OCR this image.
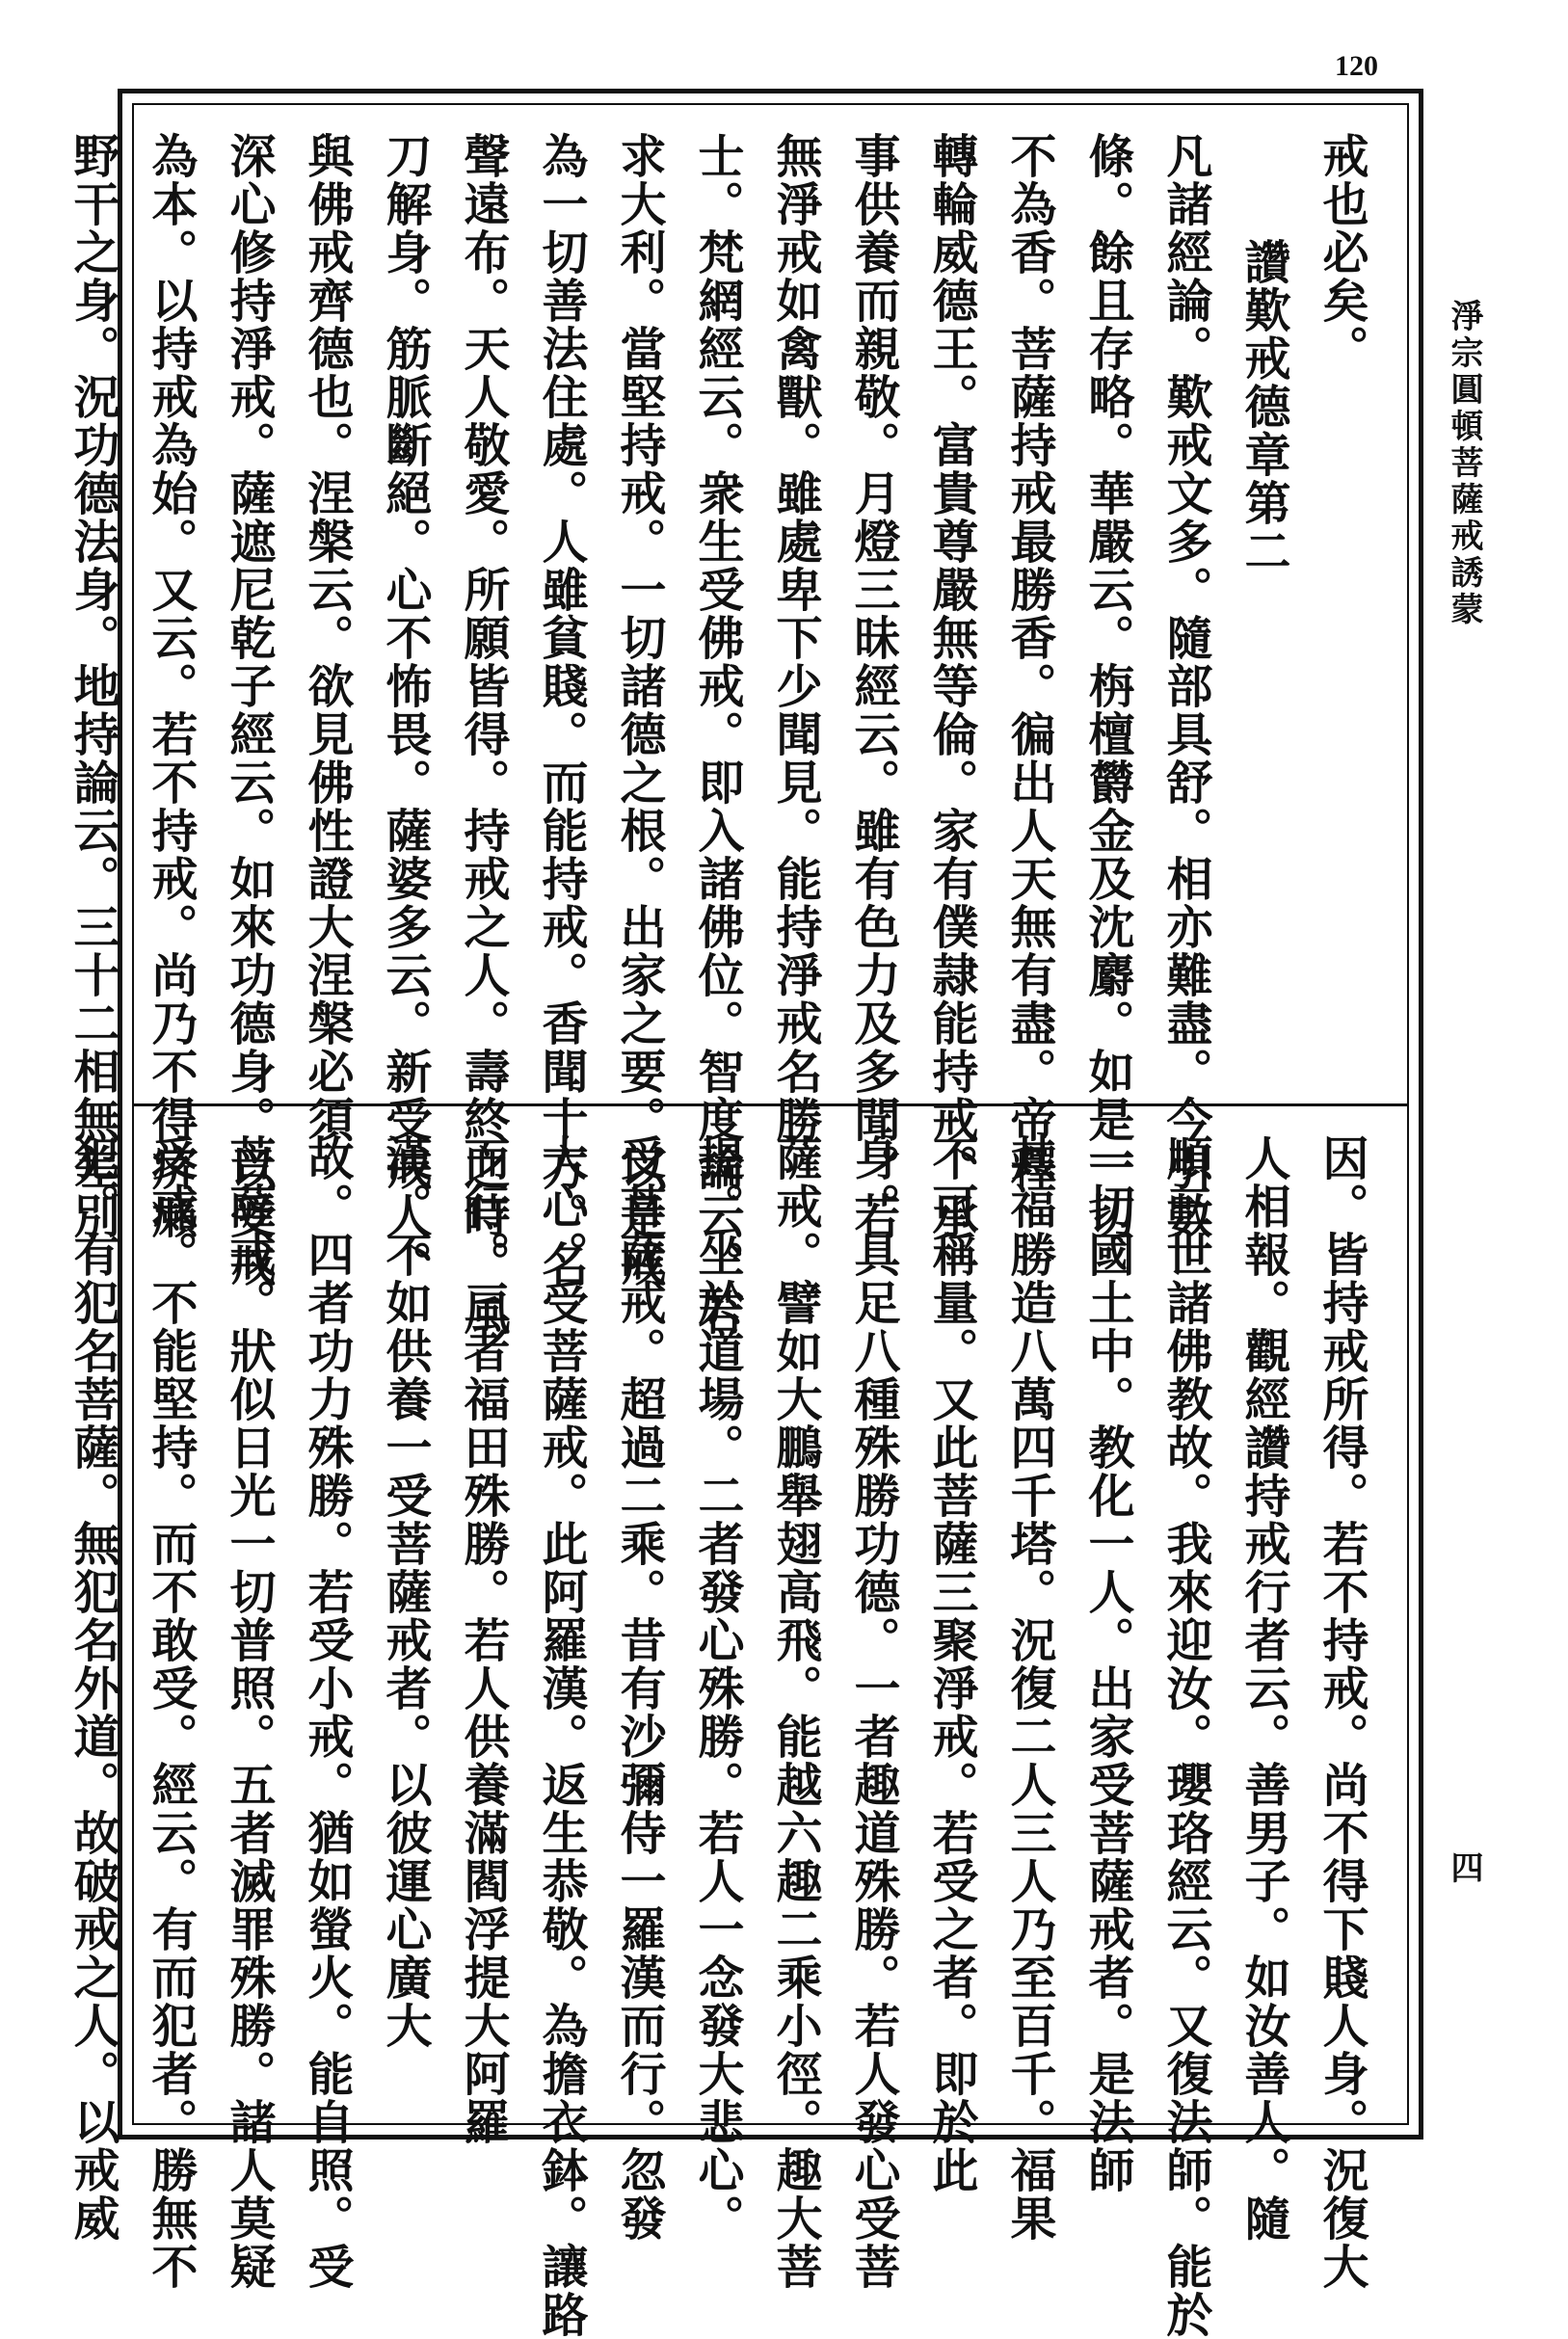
120
淨宗圓頓菩薩戒誘蒙
四
戒也必矣。
讚歎戒德章第二
凡諸經論。歎戒文多。隨部具舒。相亦難盡。今引數
條。餘且存略。華嚴云。栴檀欝金及沈麝。如是一切
不為香。菩薩持戒最勝香。徧出人天無有盡。帝釋
轉輪威德王。富貴尊嚴無等倫。家有僕隷能持戒。承
事供養而親敬。月燈三昧經云。雖有色力及多聞。若
無淨戒如禽獸。雖處卑下少聞見。能持淨戒名勝
士。梵網經云。衆生受佛戒。即入諸佛位。智度論云。若
求大利。當堅持戒。一切諸德之根。出家之要。以是戒
為一切善法住處。人雖貧賤。而能持戒。香聞十方。名
聲遠布。天人敬愛。所願皆得。持戒之人。壽終之時。風
刀解身。筋脈斷絕。心不怖畏。薩婆多云。新受戒人。
與佛戒齊德也。涅槃云。欲見佛性證大涅槃必須
深心修持淨戒。薩遮尼乾子經云。如來功德身。以受戒
為本。以持戒為始。又云。若不持戒。尚乃不得疥癩
野干之身。況功德法身。地持論云。三十二相無差別
因。皆持戒所得。若不持戒。尚不得下賤人身。況復大
人相報。觀經讚持戒行者云。善男子。如汝善人。隨
順三世諸佛教故。我來迎汝。瓔珞經云。又復法師。能於
一切國土中。教化一人。出家受菩薩戒者。是法師
其福勝造八萬四千塔。況復二人三人乃至百千。福果
不可稱量。又此菩薩三聚淨戒。若受之者。即於此
身。具足八種殊勝功德。一者趣道殊勝。若人發心受菩
薩戒。譬如大鵬舉翅高飛。能越六趣二乘小徑。趣大菩
提。坐於道場。二者發心殊勝。若人一念發大悲心。
受菩薩戒。超過二乘。昔有沙彌侍一羅漢而行。忽發
大心。受菩薩戒。此阿羅漢。返生恭敬。為擔衣鉢。讓路
而行。三者福田殊勝。若人供養滿閻浮提大阿羅
漢。不如供養一受菩薩戒者。以彼運心廣大
故。四者功力殊勝。若受小戒。猶如螢火。能自照。受
菩薩戒。狀似日光一切普照。五者滅罪殊勝。諸人莫疑
受戒。不能堅持。而不敢受。經云。有而犯者。勝無不
犯。有犯名菩薩。無犯名外道。故破戒之人。以戒威
